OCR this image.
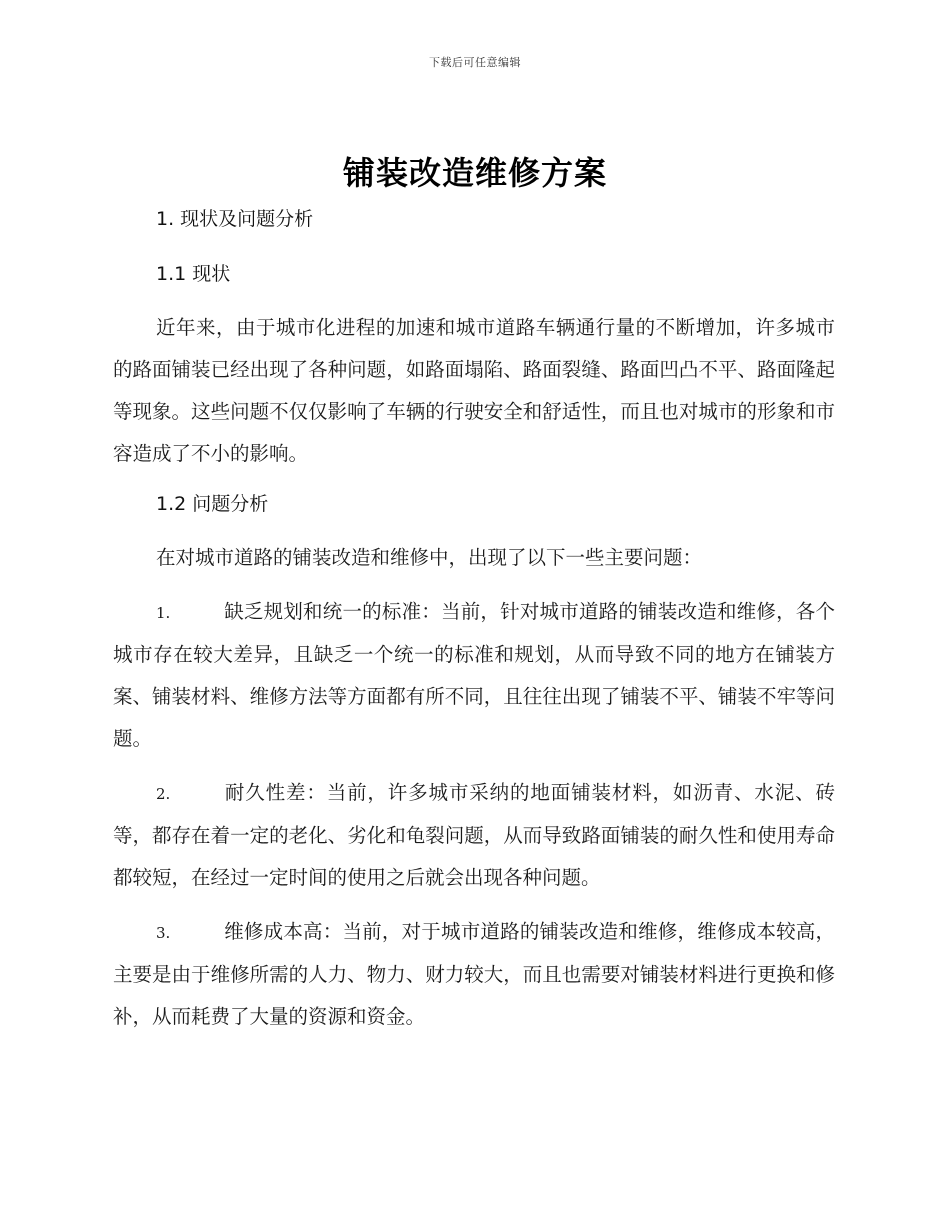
下载后可任意编辑
铺装改造维修方案

1. 现状及问题分析

1.1 现状

近年来，由于城市化进程的加速和城市道路车辆通行量的不断增加，许多城市的路面铺装已经出现了各种问题，如路面塌陷、路面裂缝、路面凹凸不平、路面隆起等现象。这些问题不仅仅影响了车辆的行驶安全和舒适性，而且也对城市的形象和市容造成了不小的影响。

1.2 问题分析

在对城市道路的铺装改造和维修中，出现了以下一些主要问题：

1.	缺乏规划和统一的标准：当前，针对城市道路的铺装改造和维修，各个城市存在较大差异，且缺乏一个统一的标准和规划，从而导致不同的地方在铺装方案、铺装材料、维修方法等方面都有所不同，且往往出现了铺装不平、铺装不牢等问题。

2.	耐久性差：当前，许多城市采纳的地面铺装材料，如沥青、水泥、砖等，都存在着一定的老化、劣化和龟裂问题，从而导致路面铺装的耐久性和使用寿命都较短，在经过一定时间的使用之后就会出现各种问题。

3.	维修成本高：当前，对于城市道路的铺装改造和维修，维修成本较高，主要是由于维修所需的人力、物力、财力较大，而且也需要对铺装材料进行更换和修补，从而耗费了大量的资源和资金。
